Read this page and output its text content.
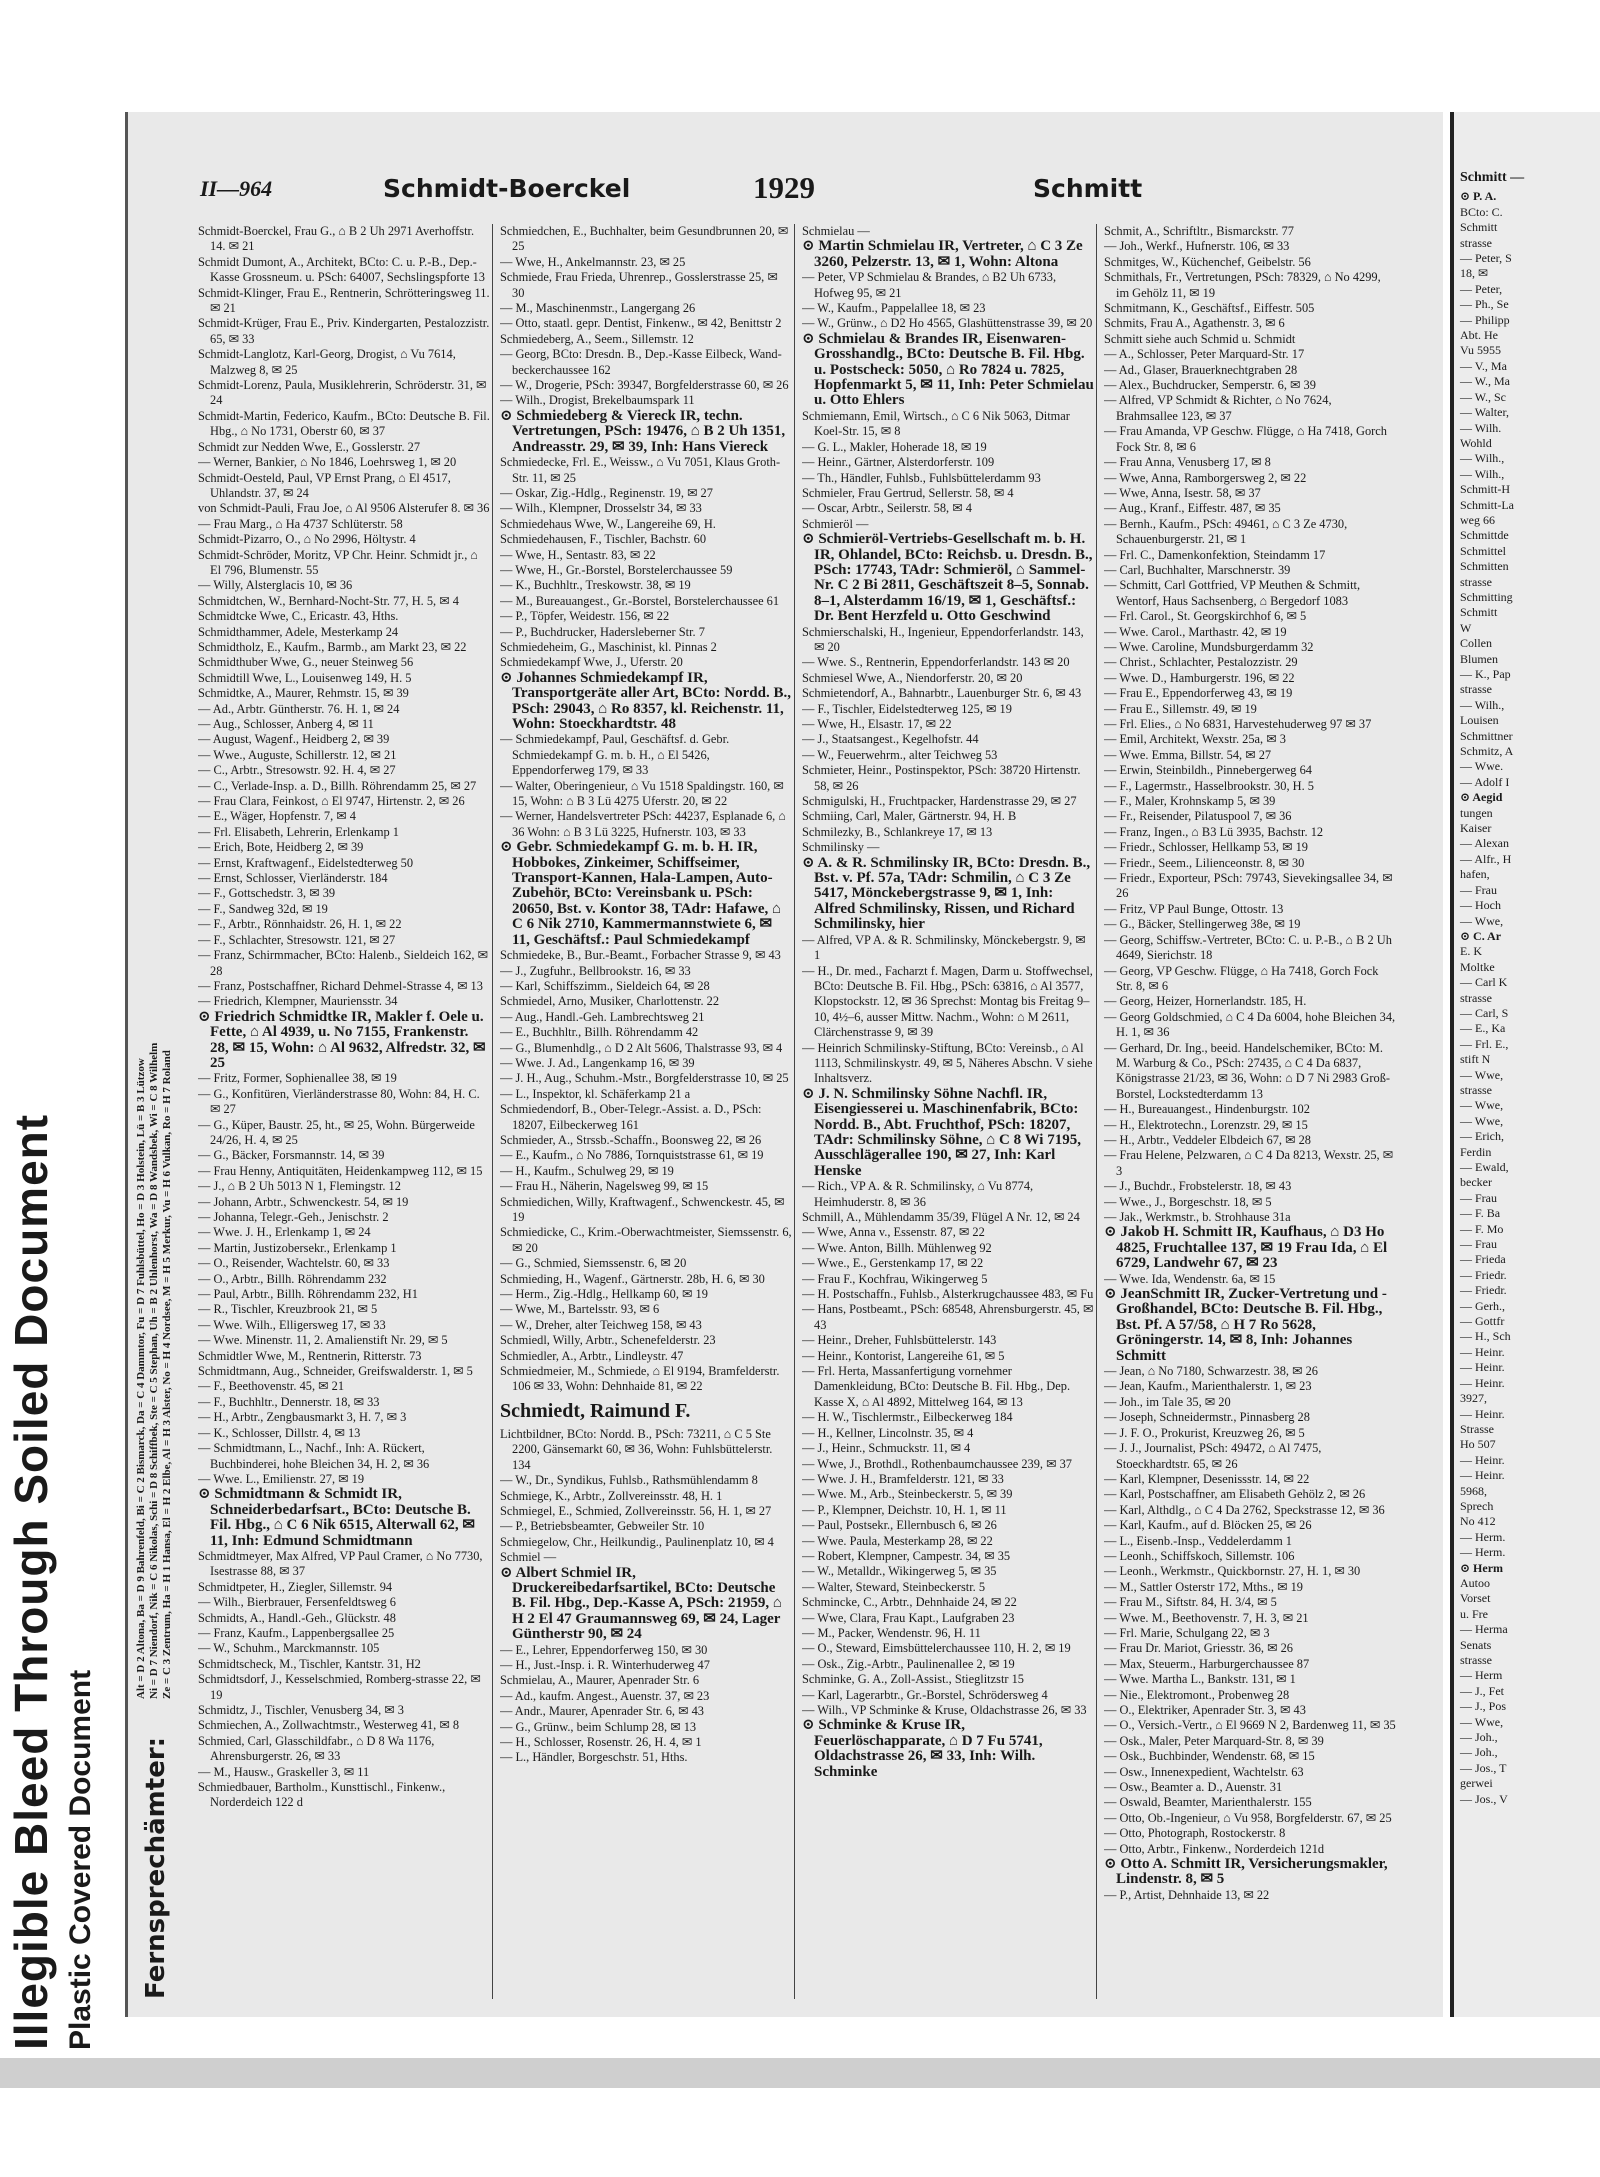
Illegible Bleed Through Soiled Document Plastic Covered Document
II—964	Schmidt-Boerckel	1929	Schmitt
Fernsprechämter:
Alt = D 2 Altona, Ba = D 9 Bahrenfeld, Bi = C 2 Bismarck, Da = C 4 Dammtor, Fu = D 7 Fuhlsbüttel, Ho = D 3 Holstein, Lü = B 3 Lützow Ni = D 7 Niendorf, Nik = C 6 Nikolas, Schi = D 8 Schiffbek, Ste = C 5 Stephan, Uh = B 2 Uhlenhorst, Wa = D 8 Wandsbek, Wi = C 8 Wilhelm Ze = C 3 Zentrum, Ha = H 1 Hansa, El = H 2 Elbe, Al = H 3 Alster, No = H 4 Nordsee, M = H 5 Merkur, Vu = H 6 Vulkan, Ro = H 7 Roland
Schmidt-Boerckel, Frau G., ⌂ B 2 Uh 2971 Averhoffstr. 14. ✉ 21
Schmidt Dumont, A., Architekt, BCto: C. u. P.-B., Dep.-Kasse Grossneum. u. PSch: 64007, Sechslingspforte 13
Schmidt-Klinger, Frau E., Rentnerin, Schrötteringsweg 11. ✉ 21
Schmidt-Krüger, Frau E., Priv. Kindergarten, Pestalozzistr. 65, ✉ 33
Schmidt-Langlotz, Karl-Georg, Drogist, ⌂ Vu 7614, Malzweg 8, ✉ 25
Schmidt-Lorenz, Paula, Musiklehrerin, Schröderstr. 31, ✉ 24
Schmidt-Martin, Federico, Kaufm., BCto: Deutsche B. Fil. Hbg., ⌂ No 1731, Oberstr 60, ✉ 37
Schmidt zur Nedden Wwe, E., Gosslerstr. 27
— Werner, Bankier, ⌂ No 1846, Loehrsweg 1, ✉ 20
Schmidt-Oesteld, Paul, VP Ernst Prang, ⌂ El 4517, Uhlandstr. 37, ✉ 24
von Schmidt-Pauli, Frau Joe, ⌂ Al 9506 Alsterufer 8. ✉ 36
— Frau Marg., ⌂ Ha 4737 Schlüterstr. 58
Schmidt-Pizarro, O., ⌂ No 2996, Höltystr. 4
Schmidt-Schröder, Moritz, VP Chr. Heinr. Schmidt jr., ⌂ El 796, Blumenstr. 55
— Willy, Alsterglacis 10, ✉ 36
Schmidtchen, W., Bernhard-Nocht-Str. 77, H. 5, ✉ 4
Schmidtcke Wwe, C., Ericastr. 43, Hths.
Schmidthammer, Adele, Mesterkamp 24
Schmidtholz, E., Kaufm., Barmb., am Markt 23, ✉ 22
Schmidthuber Wwe, G., neuer Steinweg 56
Schmidtill Wwe, L., Louisenweg 149, H. 5
Schmidtke, A., Maurer, Rehmstr. 15, ✉ 39
— Ad., Arbtr. Güntherstr. 76. H. 1, ✉ 24
— Aug., Schlosser, Anberg 4, ✉ 11
— August, Wagenf., Heidberg 2, ✉ 39
— Wwe., Auguste, Schillerstr. 12, ✉ 21
— C., Arbtr., Stresowstr. 92. H. 4, ✉ 27
— C., Verlade-Insp. a. D., Billh. Röhrendamm 25, ✉ 27
— Frau Clara, Feinkost, ⌂ El 9747, Hirtenstr. 2, ✉ 26
— E., Wäger, Hopfenstr. 7, ✉ 4
— Frl. Elisabeth, Lehrerin, Erlenkamp 1
— Erich, Bote, Heidberg 2, ✉ 39
— Ernst, Kraftwagenf., Eidelstedterweg 50
— Ernst, Schlosser, Vierländerstr. 184
— F., Gottschedstr. 3, ✉ 39
— F., Sandweg 32d, ✉ 19
— F., Arbtr., Rönnhaidstr. 26, H. 1, ✉ 22
— F., Schlachter, Stresowstr. 121, ✉ 27
— Franz, Schirmmacher, BCto: Halenb., Sieldeich 162, ✉ 28
— Franz, Postschaffner, Richard Dehmel-Strasse 4, ✉ 13
— Friedrich, Klempner, Mauriensstr. 34
⊙ Friedrich Schmidtke IR, Makler f. Oele u. Fette, ⌂ Al 4939, u. No 7155, Frankenstr. 28, ✉ 15, Wohn: ⌂ Al 9632, Alfredstr. 32, ✉ 25
— Fritz, Former, Sophienallee 38, ✉ 19
— G., Konfitüren, Vierländerstrasse 80, Wohn: 84, H. C. ✉ 27
— G., Küper, Baustr. 25, ht., ✉ 25, Wohn. Bürgerweide 24/26, H. 4, ✉ 25
— G., Bäcker, Forsmannstr. 14, ✉ 39
— Frau Henny, Antiquitäten, Heidenkampweg 112, ✉ 15
— J., ⌂ B 2 Uh 5013 N 1, Flemingstr. 12
— Johann, Arbtr., Schwenckestr. 54, ✉ 19
— Johanna, Telegr.-Geh., Jenischstr. 2
— Wwe. J. H., Erlenkamp 1, ✉ 24
— Martin, Justizobersekr., Erlenkamp 1
— O., Reisender, Wachtelstr. 60, ✉ 33
— O., Arbtr., Billh. Röhrendamm 232
— Paul, Arbtr., Billh. Röhrendamm 232, H1
— R., Tischler, Kreuzbrook 21, ✉ 5
— Wwe. Wilh., Elligersweg 17, ✉ 33
— Wwe. Minenstr. 11, 2. Amalienstift Nr. 29, ✉ 5
Schmidtler Wwe, M., Rentnerin, Ritterstr. 73
Schmidtmann, Aug., Schneider, Greifswalderstr. 1, ✉ 5
— F., Beethovenstr. 45, ✉ 21
— F., Buchhltr., Dennerstr. 18, ✉ 33
— H., Arbtr., Zengbausmarkt 3, H. 7, ✉ 3
— K., Schlosser, Dillstr. 4, ✉ 13
— Schmidtmann, L., Nachf., Inh: A. Rückert, Buchbinderei, hohe Bleichen 34, H. 2, ✉ 36
— Wwe. L., Emilienstr. 27, ✉ 19
⊙ Schmidtmann & Schmidt IR, Schneiderbedarfsart., BCto: Deutsche B. Fil. Hbg., ⌂ C 6 Nik 6515, Alterwall 62, ✉ 11, Inh: Edmund Schmidtmann
Schmidtmeyer, Max Alfred, VP Paul Cramer, ⌂ No 7730, Isestrasse 88, ✉ 37
Schmidtpeter, H., Ziegler, Sillemstr. 94
— Wilh., Bierbrauer, Fersenfeldtsweg 6
Schmidts, A., Handl.-Geh., Glückstr. 48
— Franz, Kaufm., Lappenbergsallee 25
— W., Schuhm., Marckmannstr. 105
Schmidtscheck, M., Tischler, Kantstr. 31, H2
Schmidtsdorf, J., Kesselschmied, Romberg-strasse 22, ✉ 19
Schmidtz, J., Tischler, Venusberg 34, ✉ 3
Schmiechen, A., Zollwachtmstr., Westerweg 41, ✉ 8
Schmied, Carl, Glasschildfabr., ⌂ D 8 Wa 1176, Ahrensburgerstr. 26, ✉ 33
— M., Hausw., Graskeller 3, ✉ 11
Schmiedbauer, Bartholm., Kunsttischl., Finkenw., Norderdeich 122 d
Schmiedchen, E., Buchhalter, beim Gesundbrunnen 20, ✉ 25
— Wwe, H., Ankelmannstr. 23, ✉ 25
Schmiede, Frau Frieda, Uhrenrep., Gosslerstrasse 25, ✉ 30
— M., Maschinenmstr., Langergang 26
— Otto, staatl. gepr. Dentist, Finkenw., ✉ 42, Benittstr 2
Schmiedeberg, A., Seem., Sillemstr. 12
— Georg, BCto: Dresdn. B., Dep.-Kasse Eilbeck, Wand-beckerchaussee 162
— W., Drogerie, PSch: 39347, Borgfelderstrasse 60, ✉ 26
— Wilh., Drogist, Brekelbaumspark 11
⊙ Schmiedeberg & Viereck IR, techn. Vertretungen, PSch: 19476, ⌂ B 2 Uh 1351, Andreasstr. 29, ✉ 39, Inh: Hans Viereck
Schmiedecke, Frl. E., Weissw., ⌂ Vu 7051, Klaus Groth-Str. 11, ✉ 25
— Oskar, Zig.-Hdlg., Reginenstr. 19, ✉ 27
— Wilh., Klempner, Drosselstr 34, ✉ 33
Schmiedehaus Wwe, W., Langereihe 69, H.
Schmiedehausen, F., Tischler, Bachstr. 60
— Wwe, H., Sentastr. 83, ✉ 22
— Wwe, H., Gr.-Borstel, Borstelerchaussee 59
— K., Buchhltr., Treskowstr. 38, ✉ 19
— M., Bureauangest., Gr.-Borstel, Borstelerchaussee 61
— P., Töpfer, Weidestr. 156, ✉ 22
— P., Buchdrucker, Hadersleberner Str. 7
Schmiedeheim, G., Maschinist, kl. Pinnas 2
Schmiedekampf Wwe, J., Uferstr. 20
⊙ Johannes Schmiedekampf IR, Transportgeräte aller Art, BCto: Nordd. B., PSch: 29043, ⌂ Ro 8357, kl. Reichenstr. 11, Wohn: Stoeckhardtstr. 48
— Schmiedekampf, Paul, Geschäftsf. d. Gebr. Schmiedekampf G. m. b. H., ⌂ El 5426, Eppendorferweg 179, ✉ 33
— Walter, Oberingenieur, ⌂ Vu 1518 Spaldingstr. 160, ✉ 15, Wohn: ⌂ B 3 Lü 4275 Uferstr. 20, ✉ 22
— Werner, Handelsvertreter PSch: 44237, Esplanade 6, ⌂ 36 Wohn: ⌂ B 3 Lü 3225, Hufnerstr. 103, ✉ 33
⊙ Gebr. Schmiedekampf G. m. b. H. IR, Hobbokes, Zinkeimer, Schiffseimer, Transport-Kannen, Hala-Lampen, Auto-Zubehör, BCto: Vereinsbank u. PSch: 20650, Bst. v. Kontor 38, TAdr: Hafawe, ⌂ C 6 Nik 2710, Kammermannstwiete 6, ✉ 11, Geschäftsf.: Paul Schmiedekampf
Schmiedeke, B., Bur.-Beamt., Forbacher Strasse 9, ✉ 43
— J., Zugfuhr., Bellbrookstr. 16, ✉ 33
— Karl, Schiffszimm., Sieldeich 64, ✉ 28
Schmiedel, Arno, Musiker, Charlottenstr. 22
— Aug., Handl.-Geh. Lambrechtsweg 21
— E., Buchhltr., Billh. Röhrendamm 42
— G., Blumenhdlg., ⌂ D 2 Alt 5606, Thalstrasse 93, ✉ 4
— Wwe. J. Ad., Langenkamp 16, ✉ 39
— J. H., Aug., Schuhm.-Mstr., Borgfelderstrasse 10, ✉ 25
— L., Inspektor, kl. Schäferkamp 21 a
Schmiedendorf, B., Ober-Telegr.-Assist. a. D., PSch: 18207, Eilbeckerweg 161
Schmieder, A., Strssb.-Schaffn., Boonsweg 22, ✉ 26
— E., Kaufm., ⌂ No 7886, Tornquiststrasse 61, ✉ 19
— H., Kaufm., Schulweg 29, ✉ 19
— Frau H., Näherin, Nagelsweg 99, ✉ 15
Schmiedichen, Willy, Kraftwagenf., Schwenckestr. 45, ✉ 19
Schmiedicke, C., Krim.-Oberwachtmeister, Siemssenstr. 6, ✉ 20
— G., Schmied, Siemssenstr. 6, ✉ 20
Schmieding, H., Wagenf., Gärtnerstr. 28b, H. 6, ✉ 30
— Herm., Zig.-Hdlg., Hellkamp 60, ✉ 19
— Wwe, M., Bartelsstr. 93, ✉ 6
— W., Dreher, alter Teichweg 158, ✉ 43
Schmiedl, Willy, Arbtr., Schenefelderstr. 23
Schmiedler, A., Arbtr., Lindleystr. 47
Schmiedmeier, M., Schmiede, ⌂ El 9194, Bramfelderstr. 106 ✉ 33, Wohn: Dehnhaide 81, ✉ 22
Schmiedt, Raimund F.
Lichtbildner, BCto: Nordd. B., PSch: 73211, ⌂ C 5 Ste 2200, Gänsemarkt 60, ✉ 36, Wohn: Fuhlsbüttelerstr. 134
— W., Dr., Syndikus, Fuhlsb., Rathsmühlendamm 8
Schmiege, K., Arbtr., Zollvereinsstr. 48, H. 1
Schmiegel, E., Schmied, Zollvereinsstr. 56, H. 1, ✉ 27
— P., Betriebsbeamter, Gebweiler Str. 10
Schmiegelow, Chr., Heilkundig., Paulinenplatz 10, ✉ 4
Schmiel —
⊙ Albert Schmiel IR, Druckereibedarfsartikel, BCto: Deutsche B. Fil. Hbg., Dep.-Kasse A, PSch: 21959, ⌂ H 2 El 47 Graumannsweg 69, ✉ 24, Lager Güntherstr 90, ✉ 24
— E., Lehrer, Eppendorferweg 150, ✉ 30
— H., Just.-Insp. i. R. Winterhuderweg 47
Schmielau, A., Maurer, Apenrader Str. 6
— Ad., kaufm. Angest., Auenstr. 37, ✉ 23
— Andr., Maurer, Apenrader Str. 6, ✉ 43
— G., Grünw., beim Schlump 28, ✉ 13
— H., Schlosser, Rosenstr. 26, H. 4, ✉ 1
— L., Händler, Borgeschstr. 51, Hths.
Schmielau —
⊙ Martin Schmielau IR, Vertreter, ⌂ C 3 Ze 3260, Pelzerstr. 13, ✉ 1, Wohn: Altona
— Peter, VP Schmielau & Brandes, ⌂ B2 Uh 6733, Hofweg 95, ✉ 21
— W., Kaufm., Pappelallee 18, ✉ 23
— W., Grünw., ⌂ D2 Ho 4565, Glashüttenstrasse 39, ✉ 20
⊙ Schmielau & Brandes IR, Eisenwaren-Grosshandlg., BCto: Deutsche B. Fil. Hbg. u. Postscheck: 5050, ⌂ Ro 7824 u. 7825, Hopfenmarkt 5, ✉ 11, Inh: Peter Schmielau u. Otto Ehlers
Schmiemann, Emil, Wirtsch., ⌂ C 6 Nik 5063, Ditmar Koel-Str. 15, ✉ 8
— G. L., Makler, Hoherade 18, ✉ 19
— Heinr., Gärtner, Alsterdorferstr. 109
— Th., Händler, Fuhlsb., Fuhlsbüttelerdamm 93
Schmieler, Frau Gertrud, Sellerstr. 58, ✉ 4
— Oscar, Arbtr., Seilerstr. 58, ✉ 4
Schmieröl —
⊙ Schmieröl-Vertriebs-Gesellschaft m. b. H. IR, Ohlandel, BCto: Reichsb. u. Dresdn. B., PSch: 17743, TAdr: Schmieröl, ⌂ Sammel-Nr. C 2 Bi 2811, Geschäftszeit 8–5, Sonnab. 8–1, Alsterdamm 16/19, ✉ 1, Geschäftsf.: Dr. Bent Herzfeld u. Otto Geschwind
Schmierschalski, H., Ingenieur, Eppendorferlandstr. 143, ✉ 20
— Wwe. S., Rentnerin, Eppendorferlandstr. 143 ✉ 20
Schmiesel Wwe, A., Niendorferstr. 20, ✉ 20
Schmietendorf, A., Bahnarbtr., Lauenburger Str. 6, ✉ 43
— F., Tischler, Eidelstedterweg 125, ✉ 19
— Wwe, H., Elsastr. 17, ✉ 22
— J., Staatsangest., Kegelhofstr. 44
— W., Feuerwehrm., alter Teichweg 53
Schmieter, Heinr., Postinspektor, PSch: 38720 Hirtenstr. 58, ✉ 26
Schmigulski, H., Fruchtpacker, Hardenstrasse 29, ✉ 27
Schmiing, Carl, Maler, Gärtnerstr. 94, H. B
Schmilezky, B., Schlankreye 17, ✉ 13
Schmilinsky —
⊙ A. & R. Schmilinsky IR, BCto: Dresdn. B., Bst. v. Pf. 57a, TAdr: Schmilin, ⌂ C 3 Ze 5417, Mönckebergstrasse 9, ✉ 1, Inh: Alfred Schmilinsky, Rissen, und Richard Schmilinsky, hier
— Alfred, VP A. & R. Schmilinsky, Mönckebergstr. 9, ✉ 1
— H., Dr. med., Facharzt f. Magen, Darm u. Stoffwechsel, BCto: Deutsche B. Fil. Hbg., PSch: 63816, ⌂ Al 3577, Klopstockstr. 12, ✉ 36 Sprechst: Montag bis Freitag 9–10, 4½–6, ausser Mittw. Nachm., Wohn: ⌂ M 2611, Clärchenstrasse 9, ✉ 39
— Heinrich Schmilinsky-Stiftung, BCto: Vereinsb., ⌂ Al 1113, Schmilinskystr. 49, ✉ 5, Näheres Abschn. V siehe Inhaltsverz.
⊙ J. N. Schmilinsky Söhne Nachfl. IR, Eisengiesserei u. Maschinenfabrik, BCto: Nordd. B., Abt. Fruchthof, PSch: 18207, TAdr: Schmilinsky Söhne, ⌂ C 8 Wi 7195, Ausschlägerallee 190, ✉ 27, Inh: Karl Henske
— Rich., VP A. & R. Schmilinsky, ⌂ Vu 8774, Heimhuderstr. 8, ✉ 36
Schmill, A., Mühlendamm 35/39, Flügel A Nr. 12, ✉ 24
— Wwe, Anna v., Essenstr. 87, ✉ 22
— Wwe. Anton, Billh. Mühlenweg 92
— Wwe., E., Gerstenkamp 17, ✉ 22
— Frau F., Kochfrau, Wikingerweg 5
— H. Postschaffn., Fuhlsb., Alsterkrugchaussee 483, ✉ Fu
— Hans, Postbeamt., PSch: 68548, Ahrensburgerstr. 45, ✉ 43
— Heinr., Dreher, Fuhlsbüttelerstr. 143
— Heinr., Kontorist, Langereihe 61, ✉ 5
— Frl. Herta, Massanfertigung vornehmer Damenkleidung, BCto: Deutsche B. Fil. Hbg., Dep. Kasse X, ⌂ Al 4892, Mittelweg 164, ✉ 13
— H. W., Tischlermstr., Eilbeckerweg 184
— H., Kellner, Lincolnstr. 35, ✉ 4
— J., Heinr., Schmuckstr. 11, ✉ 4
— Wwe, J., Brothdl., Rothenbaumchaussee 239, ✉ 37
— Wwe. J. H., Bramfelderstr. 121, ✉ 33
— Wwe. M., Arb., Steinbeckerstr. 5, ✉ 39
— P., Klempner, Deichstr. 10, H. 1, ✉ 11
— Paul, Postsekr., Ellernbusch 6, ✉ 26
— Wwe. Paula, Mesterkamp 28, ✉ 22
— Robert, Klempner, Campestr. 34, ✉ 35
— W., Metalldr., Wikingerweg 5, ✉ 35
— Walter, Steward, Steinbeckerstr. 5
Schmincke, C., Arbtr., Dehnhaide 24, ✉ 22
— Wwe, Clara, Frau Kapt., Laufgraben 23
— M., Packer, Wendenstr. 96, H. 11
— O., Steward, Eimsbüttelerchaussee 110, H. 2, ✉ 19
— Osk., Zig.-Arbtr., Paulinenallee 2, ✉ 19
Schminke, G. A., Zoll-Assist., Stieglitzstr 15
— Karl, Lagerarbtr., Gr.-Borstel, Schrödersweg 4
— Wilh., VP Schminke & Kruse, Oldachstrasse 26, ✉ 33
⊙ Schminke & Kruse IR, Feuerlöschapparate, ⌂ D 7 Fu 5741, Oldachstrasse 26, ✉ 33, Inh: Wilh. Schminke
Schmit, A., Schriftltr., Bismarckstr. 77
— Joh., Werkf., Hufnerstr. 106, ✉ 33
Schmitges, W., Küchenchef, Geibelstr. 56
Schmithals, Fr., Vertretungen, PSch: 78329, ⌂ No 4299, im Gehölz 11, ✉ 19
Schmitmann, K., Geschäftsf., Eiffestr. 505
Schmits, Frau A., Agathenstr. 3, ✉ 6
Schmitt siehe auch Schmid u. Schmidt
— A., Schlosser, Peter Marquard-Str. 17
— Ad., Glaser, Brauerknechtgraben 28
— Alex., Buchdrucker, Semperstr. 6, ✉ 39
— Alfred, VP Schmidt & Richter, ⌂ No 7624, Brahmsallee 123, ✉ 37
— Frau Amanda, VP Geschw. Flügge, ⌂ Ha 7418, Gorch Fock Str. 8, ✉ 6
— Frau Anna, Venusberg 17, ✉ 8
— Wwe, Anna, Ramborgersweg 2, ✉ 22
— Wwe, Anna, Isestr. 58, ✉ 37
— Aug., Kranf., Eiffestr. 487, ✉ 35
— Bernh., Kaufm., PSch: 49461, ⌂ C 3 Ze 4730, Schauenburgerstr. 21, ✉ 1
— Frl. C., Damenkonfektion, Steindamm 17
— Carl, Buchhalter, Marschnerstr. 39
— Schmitt, Carl Gottfried, VP Meuthen & Schmitt, Wentorf, Haus Sachsenberg, ⌂ Bergedorf 1083
— Frl. Carol., St. Georgskirchhof 6, ✉ 5
— Wwe. Carol., Marthastr. 42, ✉ 19
— Wwe. Caroline, Mundsburgerdamm 32
— Christ., Schlachter, Pestalozzistr. 29
— Wwe. D., Hamburgerstr. 196, ✉ 22
— Frau E., Eppendorferweg 43, ✉ 19
— Frau E., Sillemstr. 49, ✉ 19
— Frl. Elies., ⌂ No 6831, Harvestehuderweg 97 ✉ 37
— Emil, Architekt, Wexstr. 25a, ✉ 3
— Wwe. Emma, Billstr. 54, ✉ 27
— Erwin, Steinbildh., Pinnebergerweg 64
— F., Lagermstr., Hasselbrookstr. 30, H. 5
— F., Maler, Krohnskamp 5, ✉ 39
— Fr., Reisender, Pilatuspool 7, ✉ 36
— Franz, Ingen., ⌂ B3 Lü 3935, Bachstr. 12
— Friedr., Schlosser, Hellkamp 53, ✉ 19
— Friedr., Seem., Lilienceonstr. 8, ✉ 30
— Friedr., Exporteur, PSch: 79743, Sievekingsallee 34, ✉ 26
— Fritz, VP Paul Bunge, Ottostr. 13
— G., Bäcker, Stellingerweg 38e, ✉ 19
— Georg, Schiffsw.-Vertreter, BCto: C. u. P.-B., ⌂ B 2 Uh 4649, Sierichstr. 18
— Georg, VP Geschw. Flügge, ⌂ Ha 7418, Gorch Fock Str. 8, ✉ 6
— Georg, Heizer, Hornerlandstr. 185, H.
— Georg Goldschmied, ⌂ C 4 Da 6004, hohe Bleichen 34, H. 1, ✉ 36
— Gerhard, Dr. Ing., beeid. Handelschemiker, BCto: M. M. Warburg & Co., PSch: 27435, ⌂ C 4 Da 6837, Königstrasse 21/23, ✉ 36, Wohn: ⌂ D 7 Ni 2983 Groß-Borstel, Lockstedterdamm 13
— H., Bureauangest., Hindenburgstr. 102
— H., Elektrotechn., Lorenzstr. 29, ✉ 15
— H., Arbtr., Veddeler Elbdeich 67, ✉ 28
— Frau Helene, Pelzwaren, ⌂ C 4 Da 8213, Wexstr. 25, ✉ 3
— J., Buchdr., Frobstelerstr. 18, ✉ 43
— Wwe., J., Borgeschstr. 18, ✉ 5
— Jak., Werkmstr., b. Strohhause 31a
⊙ Jakob H. Schmitt IR, Kaufhaus, ⌂ D3 Ho 4825, Fruchtallee 137, ✉ 19 Frau Ida, ⌂ El 6729, Landwehr 67, ✉ 23
— Wwe. Ida, Wendenstr. 6a, ✉ 15
⊙ JeanSchmitt IR, Zucker-Vertretung und -Großhandel, BCto: Deutsche B. Fil. Hbg., Bst. Pf. A 57/58, ⌂ H 7 Ro 5628, Gröningerstr. 14, ✉ 8, Inh: Johannes Schmitt
— Jean, ⌂ No 7180, Schwarzestr. 38, ✉ 26
— Jean, Kaufm., Marienthalerstr. 1, ✉ 23
— Joh., im Tale 35, ✉ 20
— Joseph, Schneidermstr., Pinnasberg 28
— J. F. O., Prokurist, Kreuzweg 26, ✉ 5
— J. J., Journalist, PSch: 49472, ⌂ Al 7475, Stoeckhardtstr. 65, ✉ 26
— Karl, Klempner, Desenissstr. 14, ✉ 22
— Karl, Postschaffner, am Elisabeth Gehölz 2, ✉ 26
— Karl, Althdlg., ⌂ C 4 Da 2762, Speckstrasse 12, ✉ 36
— Karl, Kaufm., auf d. Blöcken 25, ✉ 26
— L., Eisenb.-Insp., Veddelerdamm 1
— Leonh., Schiffskoch, Sillemstr. 106
— Leonh., Werkmstr., Quickbornstr. 27, H. 1, ✉ 30
— M., Sattler Osterstr 172, Mths., ✉ 19
— Frau M., Siftstr. 84, H. 3/4, ✉ 5
— Wwe. M., Beethovenstr. 7, H. 3, ✉ 21
— Frl. Marie, Schulgang 22, ✉ 3
— Frau Dr. Mariot, Griesstr. 36, ✉ 26
— Max, Steuerm., Harburgerchaussee 87
— Wwe. Martha L., Bankstr. 131, ✉ 1
— Nie., Elektromont., Probenweg 28
— O., Elektriker, Apenrader Str. 3, ✉ 43
— O., Versich.-Vertr., ⌂ El 9669 N 2, Bardenweg 11, ✉ 35
— Osk., Maler, Peter Marquard-Str. 8, ✉ 39
— Osk., Buchbinder, Wendenstr. 68, ✉ 15
— Osw., Innenexpedient, Wachtelstr. 63
— Osw., Beamter a. D., Auenstr. 31
— Oswald, Beamter, Marienthalerstr. 155
— Otto, Ob.-Ingenieur, ⌂ Vu 958, Borgfelderstr. 67, ✉ 25
— Otto, Photograph, Rostockerstr. 8
— Otto, Arbtr., Finkenw., Norderdeich 121d
⊙ Otto A. Schmitt IR, Versicherungsmakler, Lindenstr. 8, ✉ 5
— P., Artist, Dehnhaide 13, ✉ 22
Schmitt —
⊙ P. A.
BCto: C.
Schmitt
strasse
— Peter, S
18, ✉
— Peter,
— Ph., Se
— Philipp
Abt. He
Vu 5955
— V., Ma
— W., Ma
— W., Sc
— Walter,
— Wilh.
Wohld
— Wilh.,
— Wilh.,
Schmitt-H
Schmitt-La
weg 66
Schmittde
Schmittel
Schmitten
strasse
Schmitting
Schmitt
W
Collen
Blumen
— K., Pap
strasse
— Wilh.,
Louisen
Schmittner
Schmitz, A
— Wwe.
— Adolf I
⊙ Aegid
tungen
Kaiser
— Alexan
— Alfr., H
hafen,
— Frau
— Hoch
— Wwe,
⊙ C. Ar
E. K
Moltke
— Carl K
strasse
— Carl, S
— E., Ka
— Frl. E.,
stift N
— Wwe,
strasse
— Wwe,
— Wwe,
— Erich,
Ferdin
— Ewald,
becker
— Frau
— F. Ba
— F. Mo
— Frau
— Frieda
— Friedr.
— Friedr.
— Gerh.,
— Gottfr
— H., Sch
— Heinr.
— Heinr.
— Heinr.
3927,
— Heinr.
Strasse
Ho 507
— Heinr.
— Heinr.
5968,
Sprech
No 412
— Herm.
— Herm.
⊙ Herm
Autoo
Vorset
u. Fre
— Herma
Senats
strasse
— Herm
— J., Fet
— J., Pos
— Wwe,
— Joh.,
— Joh.,
— Jos., T
gerwei
— Jos., V
